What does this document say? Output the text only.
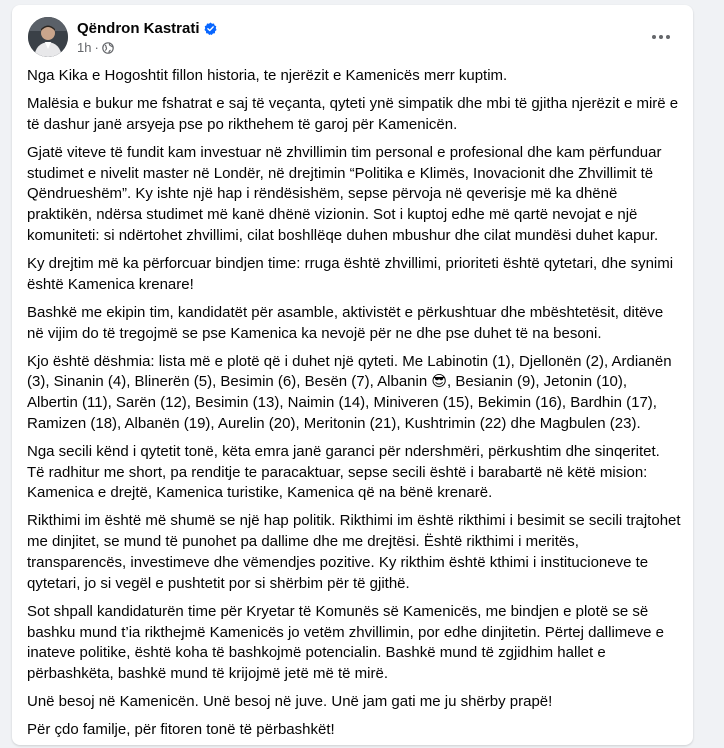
Qëndron Kastrati
1h ·

Nga Kika e Hogoshtit fillon historia, te njerëzit e Kamenicës merr kuptim.

Malësia e bukur me fshatrat e saj të veçanta, qyteti ynë simpatik dhe mbi të gjitha njerëzit e mirë e të dashur janë arsyeja pse po rikthehem të garoj për Kamenicën.

Gjatë viteve të fundit kam investuar në zhvillimin tim personal e profesional dhe kam përfunduar studimet e nivelit master në Londër, në drejtimin “Politika e Klimës, Inovacionit dhe Zhvillimit të Qëndrueshëm”. Ky ishte një hap i rëndësishëm, sepse përvoja në qeverisje më ka dhënë praktikën, ndërsa studimet më kanë dhënë vizionin. Sot i kuptoj edhe më qartë nevojat e një komuniteti: si ndërtohet zhvillimi, cilat boshllëqe duhen mbushur dhe cilat mundësi duhet kapur.

Ky drejtim më ka përforcuar bindjen time: rruga është zhvillimi, prioriteti është qytetari, dhe synimi është Kamenica krenare!

Bashkë me ekipin tim, kandidatët për asamble, aktivistët e përkushtuar dhe mbështetësit, ditëve në vijim do të tregojmë se pse Kamenica ka nevojë për ne dhe pse duhet të na besoni.

Kjo është dëshmia: lista më e plotë që i duhet një qyteti. Me Labinotin (1), Djellonën (2), Ardianën (3), Sinanin (4), Blinerën (5), Besimin (6), Besën (7), Albanin 😎, Besianin (9), Jetonin (10), Albertin (11), Sarën (12), Besimin (13), Naimin (14), Miniveren (15), Bekimin (16), Bardhin (17), Ramizen (18), Albanën (19), Aurelin (20), Meritonin (21), Kushtrimin (22) dhe Magbulen (23).

Nga secili kënd i qytetit tonë, këta emra janë garanci për ndershmëri, përkushtim dhe sinqeritet. Të radhitur me short, pa renditje te paracaktuar, sepse secili është i barabartë në këtë mision: Kamenica e drejtë, Kamenica turistike, Kamenica që na bënë krenarë.

Rikthimi im është më shumë se një hap politik. Rikthimi im është rikthimi i besimit se secili trajtohet me dinjitet, se mund të punohet pa dallime dhe me drejtësi. Është rikthimi i meritës, transparencës, investimeve dhe vëmendjes pozitive. Ky rikthim është kthimi i institucioneve te qytetari, jo si vegël e pushtetit por si shërbim për të gjithë.

Sot shpall kandidaturën time për Kryetar të Komunës së Kamenicës, me bindjen e plotë se së bashku mund t’ia rikthejmë Kamenicës jo vetëm zhvillimin, por edhe dinjitetin. Përtej dallimeve e inateve politike, është koha të bashkojmë potencialin. Bashkë mund të zgjidhim hallet e përbashkëta, bashkë mund të krijojmë jetë më të mirë.

Unë besoj në Kamenicën. Unë besoj në juve. Unë jam gati me ju shërby prapë!

Për çdo familje, për fitoren tonë të përbashkët!
